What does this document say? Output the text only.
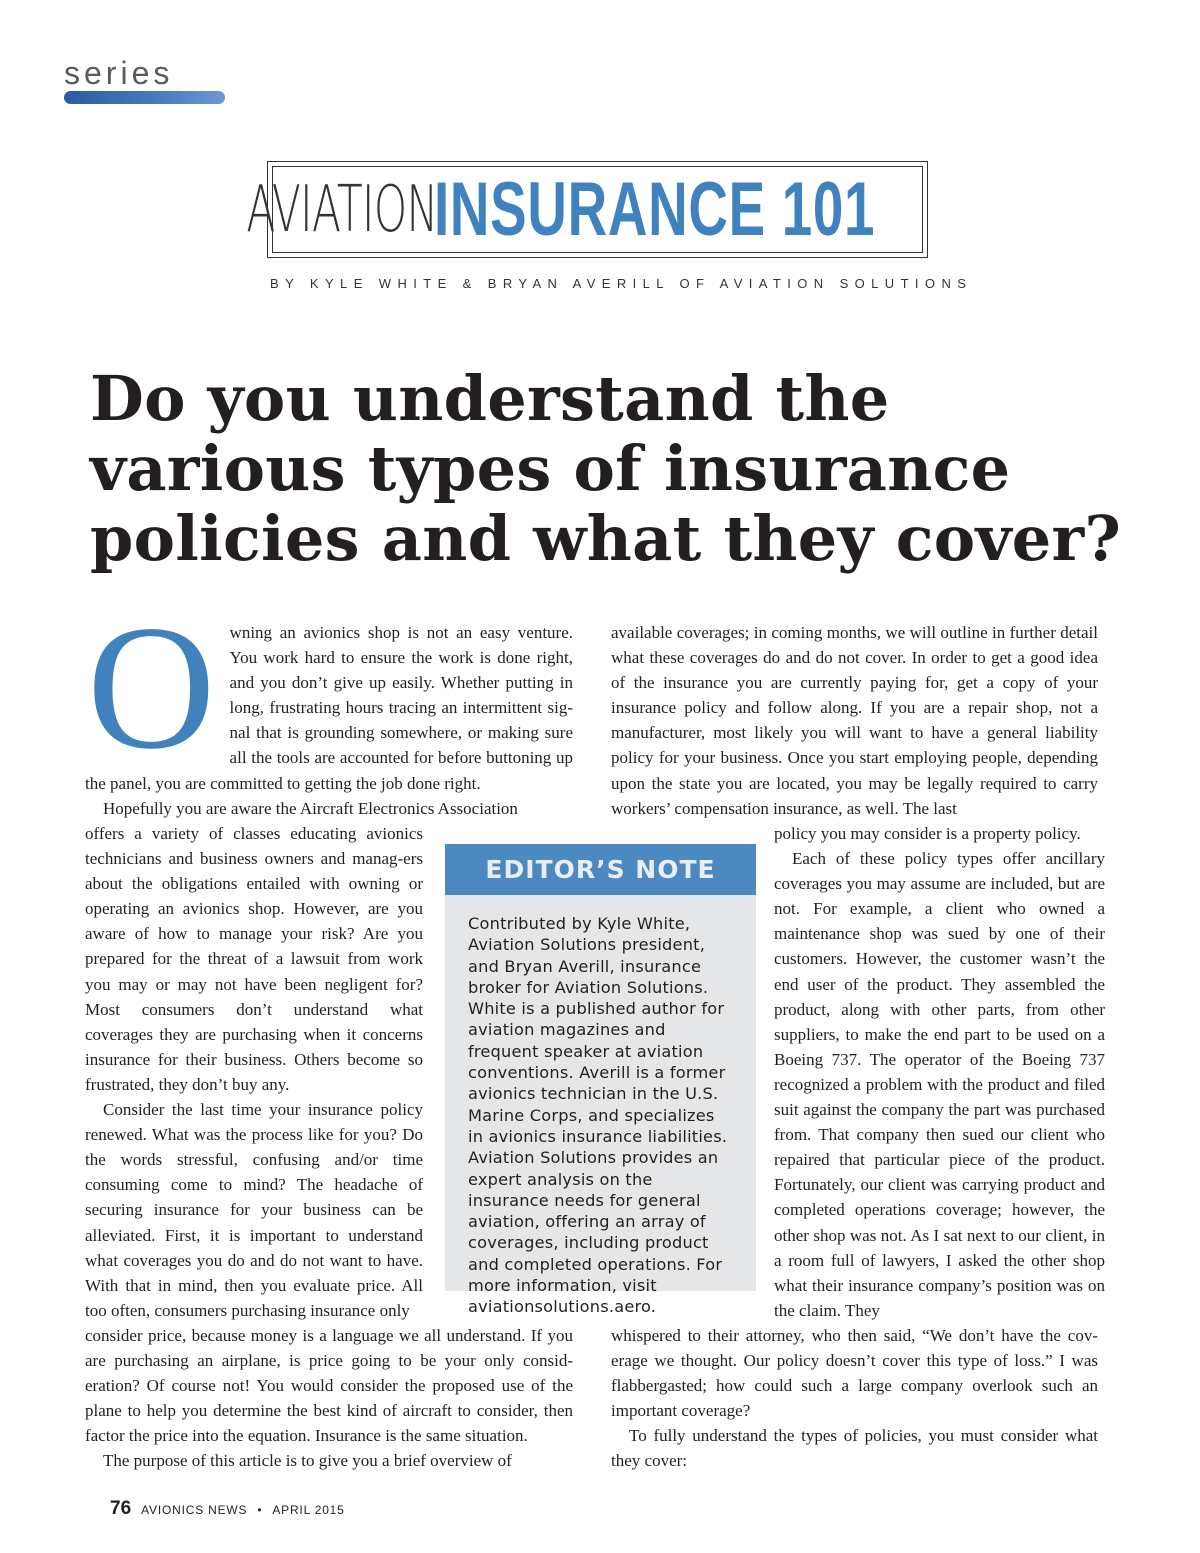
series
AVIATION
INSURANCE 101
BY KYLE WHITE & BRYAN AVERILL OF AVIATION SOLUTIONS
Do you understand the various types of insurance policies and what they cover?

Owning an avionics shop is not an easy venture. You work hard to ensure the work is done right, and you don’t give up easily. Whether putting in long, frustrating hours tracing an intermittent sig-nal that is grounding somewhere, or making sure all the tools are accounted for before buttoning up the panel, you are committed to getting the job done right.

Hopefully you are aware the Aircraft Electronics Association

offers a variety of classes educating avionics technicians and business owners and manag-ers about the obligations entailed with owning or operating an avionics shop. However, are you aware of how to manage your risk? Are you prepared for the threat of a lawsuit from work you may or may not have been negligent for? Most consumers don’t understand what coverages they are purchasing when it concerns insurance for their business. Others become so frustrated, they don’t buy any.

Consider the last time your insurance policy renewed. What was the process like for you? Do the words stressful, confusing and/or time consuming come to mind? The headache of securing insurance for your business can be alleviated. First, it is important to understand what coverages you do and do not want to have. With that in mind, then you evaluate price. All too often, consumers purchasing insurance only

consider price, because money is a language we all understand. If you are purchasing an airplane, is price going to be your only consid-eration? Of course not! You would consider the proposed use of the plane to help you determine the best kind of aircraft to consider, then factor the price into the equation. Insurance is the same situation.

The purpose of this article is to give you a brief overview of

available coverages; in coming months, we will outline in further detail what these coverages do and do not cover. In order to get a good idea of the insurance you are currently paying for, get a copy of your insurance policy and follow along. If you are a repair shop, not a manufacturer, most likely you will want to have a general liability policy for your business. Once you start employing people, depending upon the state you are located, you may be legally required to carry workers’ compensation insurance, as well. The last

policy you may consider is a property policy.

Each of these policy types offer ancillary coverages you may assume are included, but are not. For example, a client who owned a maintenance shop was sued by one of their customers. However, the customer wasn’t the end user of the product. They assembled the product, along with other parts, from other suppliers, to make the end part to be used on a Boeing 737. The operator of the Boeing 737 recognized a problem with the product and filed suit against the company the part was purchased from. That company then sued our client who repaired that particular piece of the product. Fortunately, our client was carrying product and completed operations coverage; however, the other shop was not. As I sat next to our client, in a room full of lawyers, I asked the other shop what their insurance company’s position was on the claim. They

whispered to their attorney, who then said, “We don’t have the cov-erage we thought. Our policy doesn’t cover this type of loss.” I was flabbergasted; how could such a large company overlook such an important coverage?

To fully understand the types of policies, you must consider what they cover:

EDITOR’S NOTE
Contributed by Kyle White, Aviation Solutions president, and Bryan Averill, insurance broker for Aviation Solutions. White is a published author for aviation magazines and frequent speaker at aviation conventions. Averill is a former avionics technician in the U.S. Marine Corps, and specializes in avionics insurance liabilities. Aviation Solutions provides an expert analysis on the insurance needs for general aviation, offering an array of coverages, including product and completed operations. For more information, visit aviationsolutions.aero.
76 AVIONICS NEWS • APRIL 2015
